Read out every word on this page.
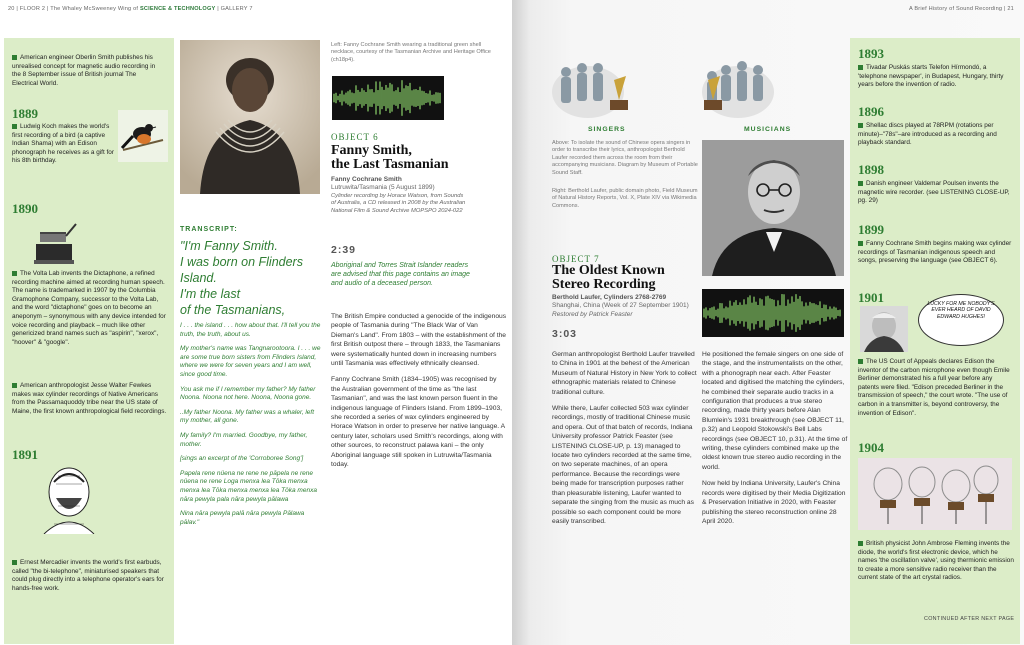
20 | FLOOR 2 | The Whaley McSweeney Wing of SCIENCE & TECHNOLOGY | GALLERY 7
American engineer Oberlin Smith publishes his unrealised concept for magnetic audio recording in the 8 September issue of British journal The Electrical World.
1889
Ludwig Koch makes the world's first recording of a bird (a captive Indian Shama) with an Edison phonograph he receives as a gift for his 8th birthday.
1890
The Volta Lab invents the Dictaphone, a refined recording machine aimed at recording human speech. The name is trademarked in 1907 by the Columbia Gramophone Company, successor to the Volta Lab, and the word "dictaphone" goes on to become an aneponym – synonymous with any device intended for voice recording and playback – much like other genericized brand names such as "aspirin", "xerox", "hoover" & "google".
American anthropologist Jesse Walter Fewkes makes wax cylinder recordings of Native Americans from the Passamaquoddy tribe near the US state of Maine, the first known anthropological field recordings.
1891
Ernest Mercadier invents the world's first earbuds, called "the bi-telephone", miniaturised speakers that could plug directly into a telephone operator's ears for hands-free work.
Left: Fanny Cochrane Smith wearing a traditional green shell necklace, courtesy of the Tasmanian Archive and Heritage Office (ch18p4).
OBJECT 6
Fanny Smith,
the Last Tasmanian
Fanny Cochrane Smith
Lutruwita/Tasmania (5 August 1899)
Cylinder recording by Horace Watson, from Sounds of Australia, a CD released in 2008 by the Australian National Film & Sound Archive MOPSPO 2024-022
2:39
Aboriginal and Torres Strait Islander readers are advised that this page contains an image and audio of a deceased person.

The British Empire conducted a genocide of the indigenous people of Tasmania during "The Black War of Van Dieman's Land". From 1803 – with the establishment of the first British outpost there – through 1833, the Tasmanians were systematically hunted down in increasing numbers until Tasmania was effectively ethnically cleansed.

Fanny Cochrane Smith (1834–1905) was recognised by the Australian government of the time as "the last Tasmanian", and was the last known person fluent in the indigenous language of Flinders Island. From 1899–1903, she recorded a series of wax cylinders engineered by Horace Watson in order to preserve her native language. A century later, scholars used Smith's recordings, along with other sources, to reconstruct palawa kani – the only Aboriginal language still spoken in Lutruwita/Tasmania today.

TRANSCRIPT:
"I'm Fanny Smith.
I was born on Flinders Island.
I'm the last
of the Tasmanians,

I . . . the island . . . how about that. I'll tell you the truth, the truth, about us.

My mother's name was Tangnarootoora. I . . . we are some true born sisters from Flinders Island, where we were for seven years and I am well, since good time.

You ask me if I remember my father? My father Noona. Noona not here. Noona, Noona gone.

..My father Noona. My father was a whaler, left my mother, all gone.

My family? I'm married. Goodbye, my father, mother.

[sings an excerpt of the 'Corroboree Song']

Papela rene nüena ne rene ne pāpela ne rene nüena ne rene Loga menxa lea Tōka menxa menxa lea Tōka menxa menxa lea Tōka menxa nāra pewyla pala nāra pewyla pālawa

Nina nāra pewyla palā nāra pewyla Pālawa pālav."

A Brief History of Sound Recording | 21
SINGERS	MUSICIANS
Above: To isolate the sound of Chinese opera singers in order to transcribe their lyrics, anthropologist Berthold Laufer recorded them across the room from their accompanying musicians. Diagram by Museum of Portable Sound Staff.
Right: Berthold Laufer, public domain photo, Field Museum of Natural History Reports, Vol. X, Plate XIV via Wikimedia Commons.
OBJECT 7
The Oldest Known
Stereo Recording
Berthold Laufer, Cylinders 2768-2769
Shanghai, China (Week of 27 September 1901)
Restored by Patrick Feaster
3:03

German anthropologist Berthold Laufer travelled to China in 1901 at the behest of the American Museum of Natural History in New York to collect ethnographic materials related to Chinese traditional culture.

While there, Laufer collected 503 wax cylinder recordings, mostly of traditional Chinese music and opera. Out of that batch of records, Indiana University professor Patrick Feaster (see LISTENING CLOSE-UP, p. 13) managed to locate two cylinders recorded at the same time, on two seperate machines, of an opera performance. Because the recordings were being made for transcription purposes rather than pleasurable listening, Laufer wanted to separate the singing from the music as much as possible so each component could be more easily transcribed.

He positioned the female singers on one side of the stage, and the instrumentalists on the other, with a phonograph near each. After Feaster located and digitised the matching the cylinders, he combined their separate audio tracks in a configuration that produces a true stereo recording, made thirty years before Alan Blumlein's 1931 breakthrough (see OBJECT 11, p.32) and Leopold Stokowski's Bell Labs recordings (see OBJECT 10, p.31). At the time of writing, these cylinders combined make up the oldest known true stereo audio recording in the world.

Now held by Indiana University, Laufer's China records were digitised by their Media Digitization & Preservation Initiative in 2020, with Feaster publishing the stereo reconstruction online 28 April 2020.

1893
Tivadar Puskás starts Telefon Hírmondó, a 'telephone newspaper', in Budapest, Hungary, thirty years before the invention of radio.
1896
Shellac discs played at 78RPM (rotations per minute)–"78s"–are introduced as a recording and playback standard.
1898
Danish engineer Valdemar Poulsen invents the magnetic wire recorder. (see LISTENING CLOSE-UP, pg. 29)
1899
Fanny Cochrane Smith begins making wax cylinder recordings of Tasmanian indigenous speech and songs, preserving the language (see OBJECT 6).
1901	LUCKY FOR ME NOBODY'S EVER HEARD OF DAVID EDWARD HUGHES!
The US Court of Appeals declares Edison the inventor of the carbon microphone even though Emile Berliner demonstrated his a full year before any patents were filed. "Edison preceded Berliner in the transmission of speech," the court wrote. "The use of carbon in a transmitter is, beyond controversy, the invention of Edison".
1904
British physicist John Ambrose Fleming invents the diode, the world's first electronic device, which he names 'the oscillation valve', using thermionic emission to create a more sensitive radio receiver than the current state of the art crystal radios.
CONTINUED AFTER NEXT PAGE
